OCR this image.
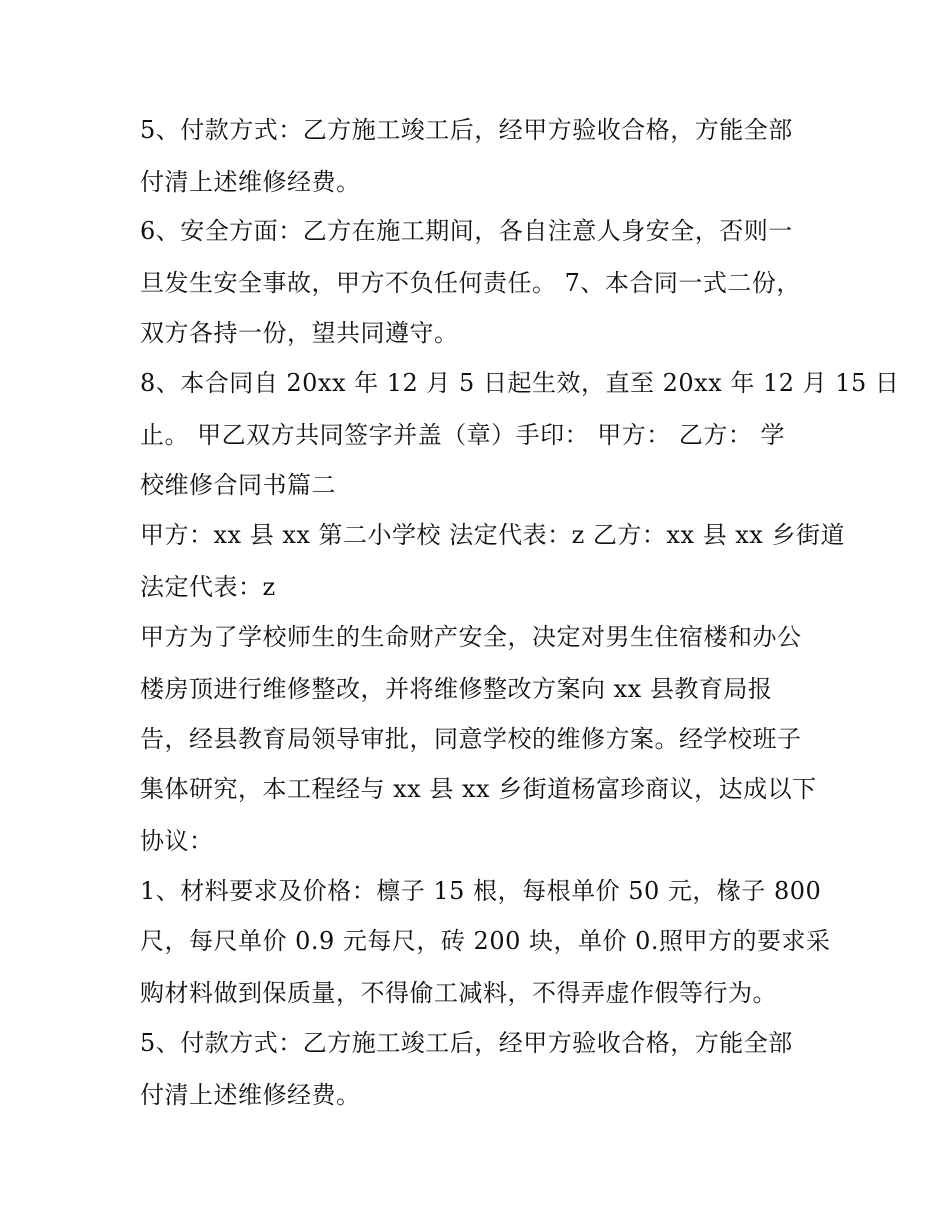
5、付款方式：乙方施工竣工后，经甲方验收合格，方能全部
付清上述维修经费。
6、安全方面：乙方在施工期间，各自注意人身安全，否则一
旦发生安全事故，甲方不负任何责任。 7、本合同一式二份，
双方各持一份，望共同遵守。
8、本合同自 20xx 年 12 月 5 日起生效，直至 20xx 年 12 月 15 日
止。 甲乙双方共同签字并盖（章）手印： 甲方： 乙方： 学
校维修合同书篇二
甲方：xx 县 xx 第二小学校 法定代表：z 乙方：xx 县 xx 乡街道
法定代表：z
甲方为了学校师生的生命财产安全，决定对男生住宿楼和办公
楼房顶进行维修整改，并将维修整改方案向 xx 县教育局报
告，经县教育局领导审批，同意学校的维修方案。经学校班子
集体研究，本工程经与 xx 县 xx 乡街道杨富珍商议，达成以下
协议：
1、材料要求及价格：檩子 15 根，每根单价 50 元，椽子 800
尺，每尺单价 0.9 元每尺，砖 200 块，单价 0.照甲方的要求采
购材料做到保质量，不得偷工减料，不得弄虚作假等行为。
5、付款方式：乙方施工竣工后，经甲方验收合格，方能全部
付清上述维修经费。
